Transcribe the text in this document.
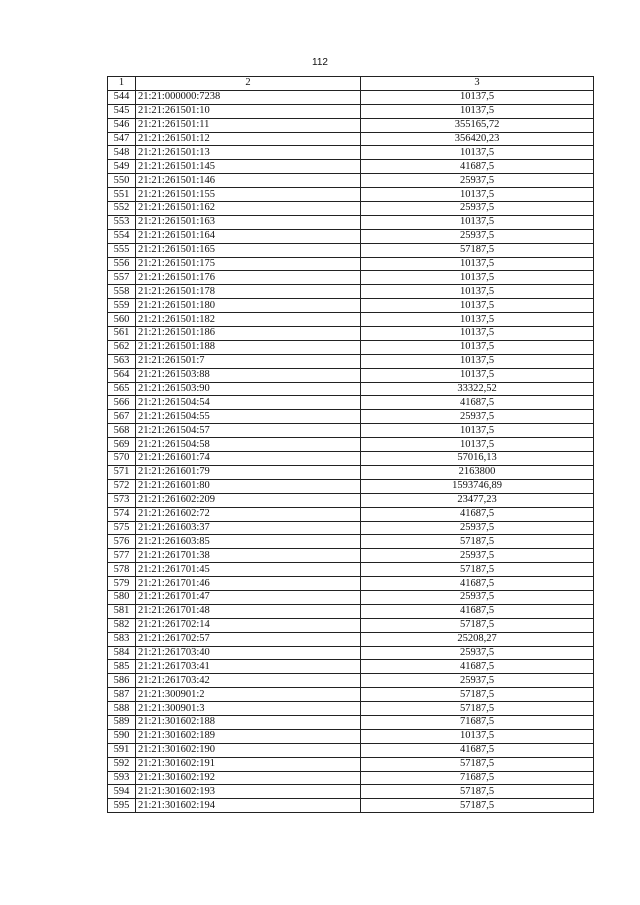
112
1	2	3
544	21:21:000000:7238	10137,5
545	21:21:261501:10	10137,5
546	21:21:261501:11	355165,72
547	21:21:261501:12	356420,23
548	21:21:261501:13	10137,5
549	21:21:261501:145	41687,5
550	21:21:261501:146	25937,5
551	21:21:261501:155	10137,5
552	21:21:261501:162	25937,5
553	21:21:261501:163	10137,5
554	21:21:261501:164	25937,5
555	21:21:261501:165	57187,5
556	21:21:261501:175	10137,5
557	21:21:261501:176	10137,5
558	21:21:261501:178	10137,5
559	21:21:261501:180	10137,5
560	21:21:261501:182	10137,5
561	21:21:261501:186	10137,5
562	21:21:261501:188	10137,5
563	21:21:261501:7	10137,5
564	21:21:261503:88	10137,5
565	21:21:261503:90	33322,52
566	21:21:261504:54	41687,5
567	21:21:261504:55	25937,5
568	21:21:261504:57	10137,5
569	21:21:261504:58	10137,5
570	21:21:261601:74	57016,13
571	21:21:261601:79	2163800
572	21:21:261601:80	1593746,89
573	21:21:261602:209	23477,23
574	21:21:261602:72	41687,5
575	21:21:261603:37	25937,5
576	21:21:261603:85	57187,5
577	21:21:261701:38	25937,5
578	21:21:261701:45	57187,5
579	21:21:261701:46	41687,5
580	21:21:261701:47	25937,5
581	21:21:261701:48	41687,5
582	21:21:261702:14	57187,5
583	21:21:261702:57	25208,27
584	21:21:261703:40	25937,5
585	21:21:261703:41	41687,5
586	21:21:261703:42	25937,5
587	21:21:300901:2	57187,5
588	21:21:300901:3	57187,5
589	21:21:301602:188	71687,5
590	21:21:301602:189	10137,5
591	21:21:301602:190	41687,5
592	21:21:301602:191	57187,5
593	21:21:301602:192	71687,5
594	21:21:301602:193	57187,5
595	21:21:301602:194	57187,5
